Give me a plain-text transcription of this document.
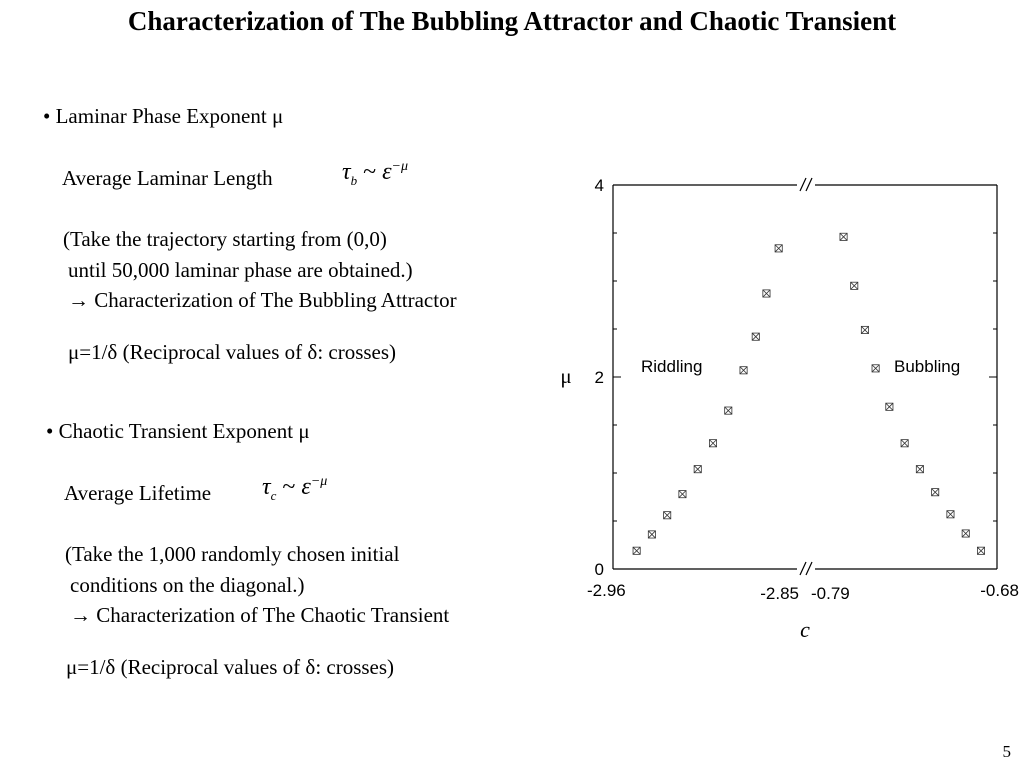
Characterization of The Bubbling Attractor and Chaotic Transient
• Laminar Phase Exponent μ
Average Laminar Length	$\tau_b$ ~ $\varepsilon^{-\mu}$
(Take the trajectory starting from (0,0)
until 50,000 laminar phase are obtained.)
→ Characterization of The Bubbling Attractor
μ=1/δ (Reciprocal values of δ: crosses)
• Chaotic Transient Exponent μ
Average Lifetime $\tau_c$ ~ $\varepsilon^{-\mu}$
(Take the 1,000 randomly chosen initial
conditions on the diagonal.)
→ Characterization of The Chaotic Transient
μ=1/δ (Reciprocal values of δ: crosses)
0
2
4
-2.96	-2.85 -0.79	-0.68
μ
c
Riddling	Bubbling
5
